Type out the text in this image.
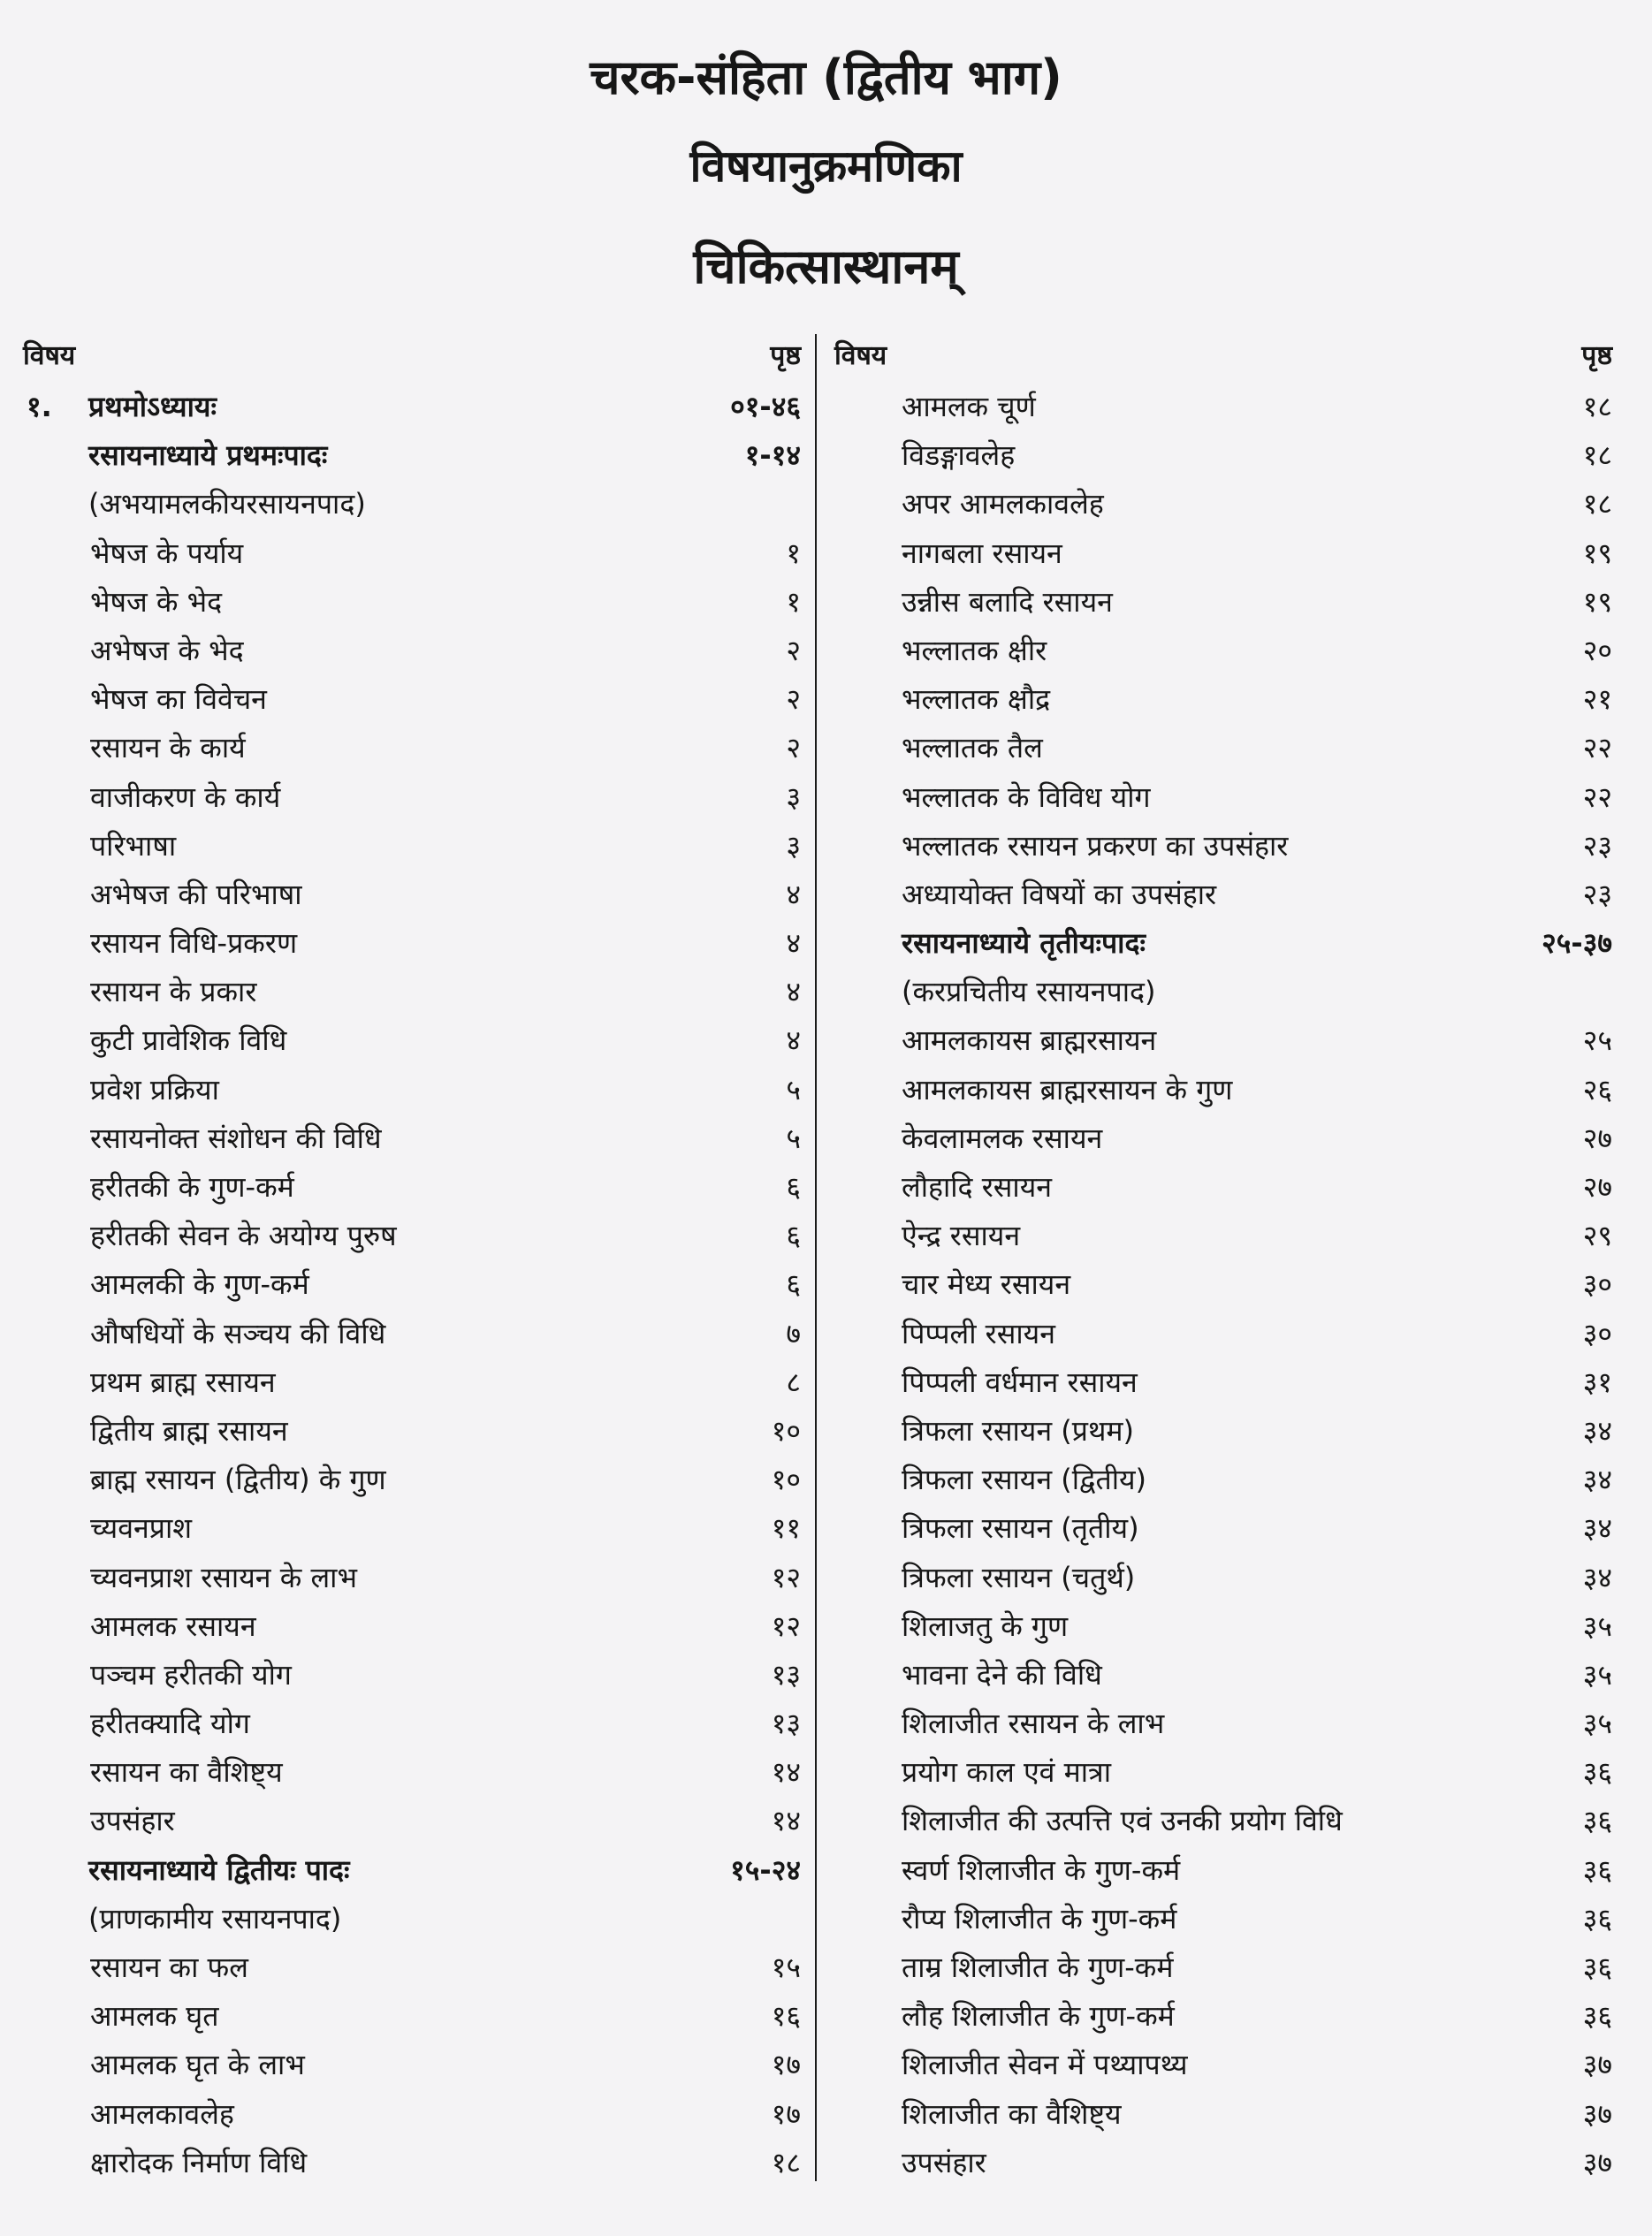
चरक-संहिता (द्वितीय भाग)
विषयानुक्रमणिका
चिकित्सास्थानम्
विषय	पृष्ठ
१. प्रथमोऽध्यायः	०१-४६
रसायनाध्याये प्रथमःपादः	१-१४
(अभयामलकीयरसायनपाद)
भेषज के पर्याय	१
भेषज के भेद	१
अभेषज के भेद	२
भेषज का विवेचन	२
रसायन के कार्य	२
वाजीकरण के कार्य	३
परिभाषा	३
अभेषज की परिभाषा	४
रसायन विधि-प्रकरण	४
रसायन के प्रकार	४
कुटी प्रावेशिक विधि	४
प्रवेश प्रक्रिया	५
रसायनोक्त संशोधन की विधि	५
हरीतकी के गुण-कर्म	६
हरीतकी सेवन के अयोग्य पुरुष	६
आमलकी के गुण-कर्म	६
औषधियों के सञ्चय की विधि	७
प्रथम ब्राह्म रसायन	८
द्वितीय ब्राह्म रसायन	१०
ब्राह्म रसायन (द्वितीय) के गुण	१०
च्यवनप्राश	११
च्यवनप्राश रसायन के लाभ	१२
आमलक रसायन	१२
पञ्चम हरीतकी योग	१३
हरीतक्यादि योग	१३
रसायन का वैशिष्ट्य	१४
उपसंहार	१४
रसायनाध्याये द्वितीयः पादः	१५-२४
(प्राणकामीय रसायनपाद)
रसायन का फल	१५
आमलक घृत	१६
आमलक घृत के लाभ	१७
आमलकावलेह	१७
क्षारोदक निर्माण विधि	१८
विषय	पृष्ठ
आमलक चूर्ण	१८
विडङ्गावलेह	१८
अपर आमलकावलेह	१८
नागबला रसायन	१९
उन्नीस बलादि रसायन	१९
भल्लातक क्षीर	२०
भल्लातक क्षौद्र	२१
भल्लातक तैल	२२
भल्लातक के विविध योग	२२
भल्लातक रसायन प्रकरण का उपसंहार	२३
अध्यायोक्त विषयों का उपसंहार	२३
रसायनाध्याये तृतीयःपादः	२५-३७
(करप्रचितीय रसायनपाद)
आमलकायस ब्राह्मरसायन	२५
आमलकायस ब्राह्मरसायन के गुण	२६
केवलामलक रसायन	२७
लौहादि रसायन	२७
ऐन्द्र रसायन	२९
चार मेध्य रसायन	३०
पिप्पली रसायन	३०
पिप्पली वर्धमान रसायन	३१
त्रिफला रसायन (प्रथम)	३४
त्रिफला रसायन (द्वितीय)	३४
त्रिफला रसायन (तृतीय)	३४
त्रिफला रसायन (चतुर्थ)	३४
शिलाजतु के गुण	३५
भावना देने की विधि	३५
शिलाजीत रसायन के लाभ	३५
प्रयोग काल एवं मात्रा	३६
शिलाजीत की उत्पत्ति एवं उनकी प्रयोग विधि	३६
स्वर्ण शिलाजीत के गुण-कर्म	३६
रौप्य शिलाजीत के गुण-कर्म	३६
ताम्र शिलाजीत के गुण-कर्म	३६
लौह शिलाजीत के गुण-कर्म	३६
शिलाजीत सेवन में पथ्यापथ्य	३७
शिलाजीत का वैशिष्ट्य	३७
उपसंहार	३७
